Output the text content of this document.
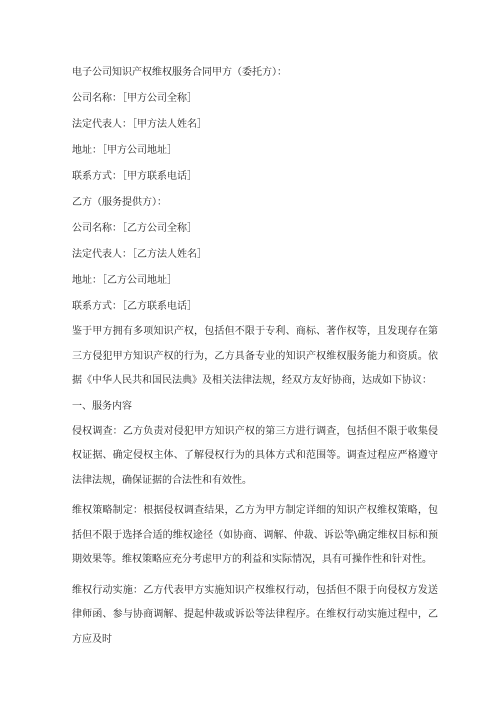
电子公司知识产权维权服务合同甲方（委托方）：
公司名称：［甲方公司全称］
法定代表人：［甲方法人姓名］
地址：［甲方公司地址］
联系方式：［甲方联系电话］
乙方（服务提供方）：
公司名称：［乙方公司全称］
法定代表人：［乙方法人姓名］
地址：［乙方公司地址］
联系方式：［乙方联系电话］

鉴于甲方拥有多项知识产权，包括但不限于专利、商标、著作权等，且发现存在第三方侵犯甲方知识产权的行为，乙方具备专业的知识产权维权服务能力和资质。依据《中华人民共和国民法典》及相关法律法规，经双方友好协商，达成如下协议：

一、服务内容

侵权调查：乙方负责对侵犯甲方知识产权的第三方进行调查，包括但不限于收集侵权证据、确定侵权主体、了解侵权行为的具体方式和范围等。调查过程应严格遵守法律法规，确保证据的合法性和有效性。

维权策略制定：根据侵权调查结果，乙方为甲方制定详细的知识产权维权策略，包括但不限于选择合适的维权途径（如协商、调解、仲裁、诉讼等\确定维权目标和预期效果等。维权策略应充分考虑甲方的利益和实际情况，具有可操作性和针对性。

维权行动实施：乙方代表甲方实施知识产权维权行动，包括但不限于向侵权方发送律师函、参与协商调解、提起仲裁或诉讼等法律程序。在维权行动实施过程中，乙方应及时
